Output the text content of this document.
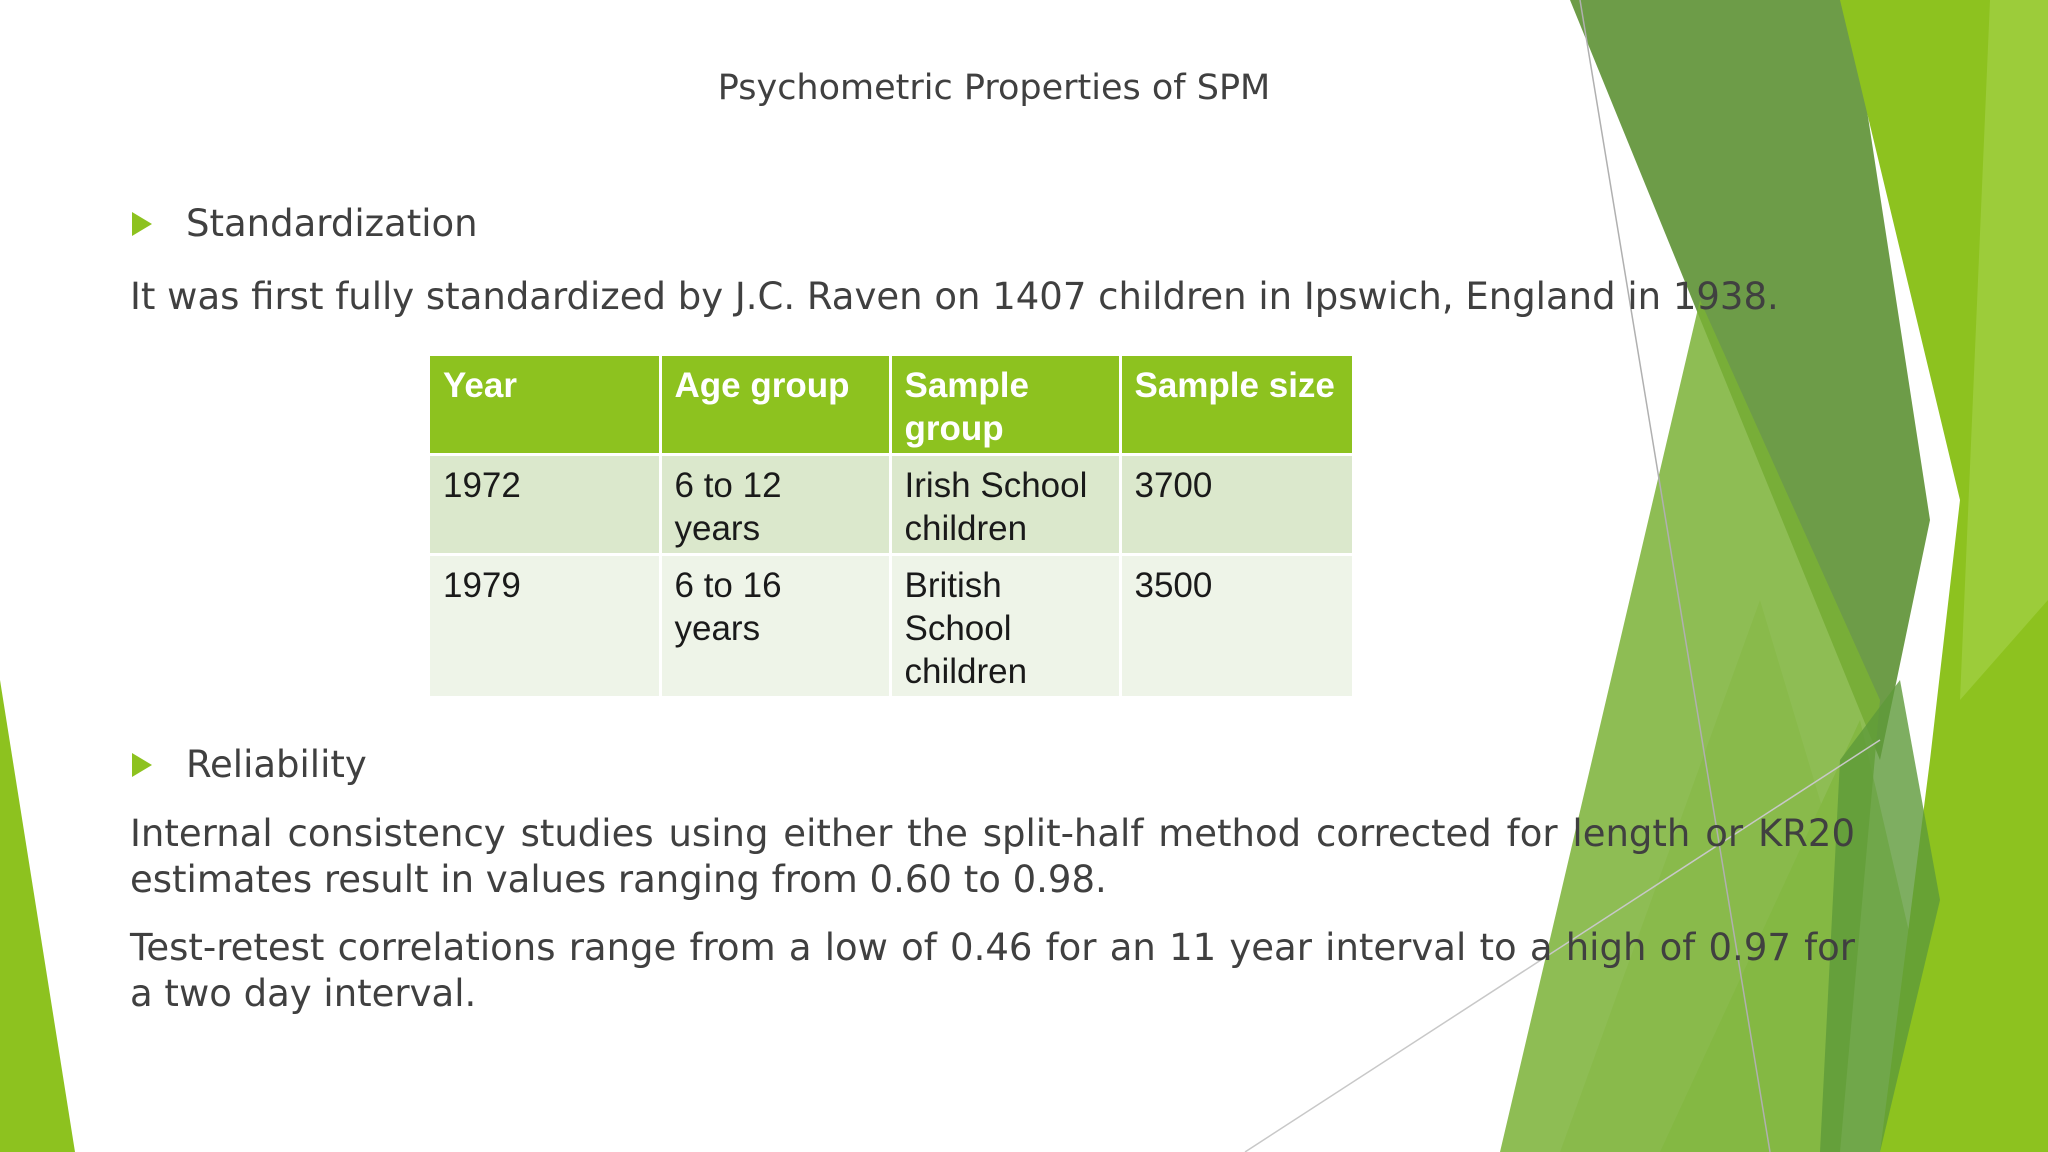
Psychometric Properties of SPM
Standardization
It was first fully standardized by J.C. Raven on 1407 children in Ipswich, England in 1938.
Year	Age group	Sample group	Sample size
1972	6 to 12 years	Irish School children	3700
1979	6 to 16 years	British School children	3500
Reliability
Internal consistency studies using either the split-half method corrected for length or KR20 estimates result in values ranging from 0.60 to 0.98.
Test-retest correlations range from a low of 0.46 for an 11 year interval to a high of 0.97 for a two day interval.
